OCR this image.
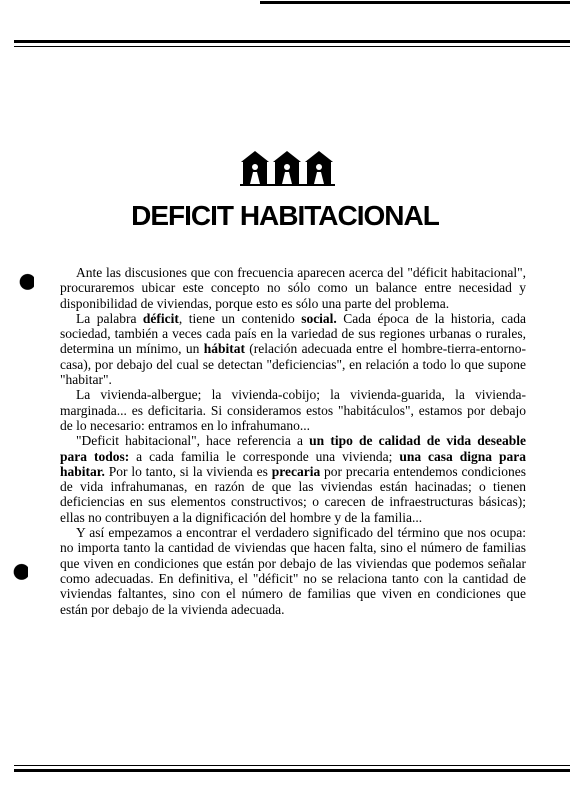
DEFICIT HABITACIONAL

Ante las discusiones que con frecuencia aparecen acerca del "déficit habitacional", procuraremos ubicar este concepto no sólo como un balance entre necesidad y disponibilidad de viviendas, porque esto es sólo una parte del problema.

La palabra déficit, tiene un contenido social. Cada época de la historia, cada sociedad, también a veces cada país en la variedad de sus regiones urbanas o rurales, determina un mínimo, un hábitat (relación adecuada entre el hombre-tierra-entorno-casa), por debajo del cual se detectan "deficiencias", en relación a todo lo que supone "habitar".

La vivienda-albergue; la vivienda-cobijo; la vivienda-guarida, la vivienda-marginada... es deficitaria. Si consideramos estos "habitáculos", estamos por debajo de lo necesario: entramos en lo infrahumano...

"Deficit habitacional", hace referencia a un tipo de calidad de vida deseable para todos: a cada familia le corresponde una vivienda; una casa digna para habitar. Por lo tanto, si la vivienda es precaria por precaria entendemos condiciones de vida infrahumanas, en razón de que las viviendas están hacinadas; o tienen deficiencias en sus elementos constructivos; o carecen de infraestructuras básicas); ellas no contribuyen a la dignificación del hombre y de la familia...

Y así empezamos a encontrar el verdadero significado del término que nos ocupa: no importa tanto la cantidad de viviendas que hacen falta, sino el número de familias que viven en condiciones que están por debajo de las viviendas que podemos señalar como adecuadas. En definitiva, el "déficit" no se relaciona tanto con la cantidad de viviendas faltantes, sino con el número de familias que viven en condiciones que están por debajo de la vivienda adecuada.
